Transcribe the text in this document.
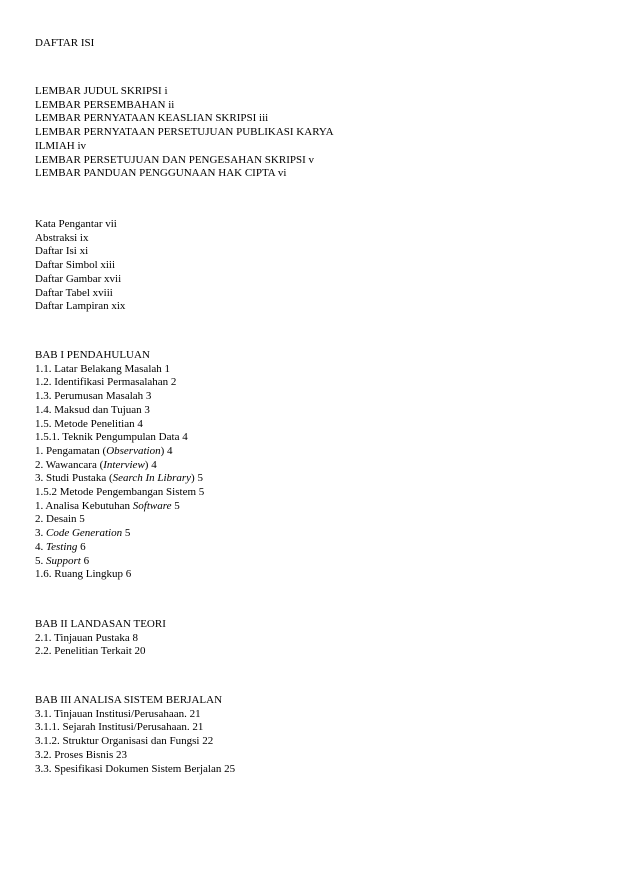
DAFTAR ISI
LEMBAR JUDUL SKRIPSI i
LEMBAR PERSEMBAHAN ii
LEMBAR PERNYATAAN KEASLIAN SKRIPSI iii
LEMBAR PERNYATAAN PERSETUJUAN PUBLIKASI KARYA
ILMIAH iv
LEMBAR PERSETUJUAN DAN PENGESAHAN SKRIPSI v
LEMBAR PANDUAN PENGGUNAAN HAK CIPTA vi
Kata Pengantar vii
Abstraksi ix
Daftar Isi xi
Daftar Simbol xiii
Daftar Gambar xvii
Daftar Tabel xviii
Daftar Lampiran xix
BAB I PENDAHULUAN
1.1. Latar Belakang Masalah 1
1.2. Identifikasi Permasalahan 2
1.3. Perumusan Masalah 3
1.4. Maksud dan Tujuan 3
1.5. Metode Penelitian 4
1.5.1. Teknik Pengumpulan Data 4
1. Pengamatan (Observation) 4
2. Wawancara (Interview) 4
3. Studi Pustaka (Search In Library) 5
1.5.2 Metode Pengembangan Sistem 5
1. Analisa Kebutuhan Software 5
2. Desain 5
3. Code Generation 5
4. Testing 6
5. Support 6
1.6. Ruang Lingkup 6
BAB II LANDASAN TEORI
2.1. Tinjauan Pustaka 8
2.2. Penelitian Terkait 20
BAB III ANALISA SISTEM BERJALAN
3.1. Tinjauan Institusi/Perusahaan. 21
3.1.1. Sejarah Institusi/Perusahaan. 21
3.1.2. Struktur Organisasi dan Fungsi 22
3.2. Proses Bisnis 23
3.3. Spesifikasi Dokumen Sistem Berjalan 25
